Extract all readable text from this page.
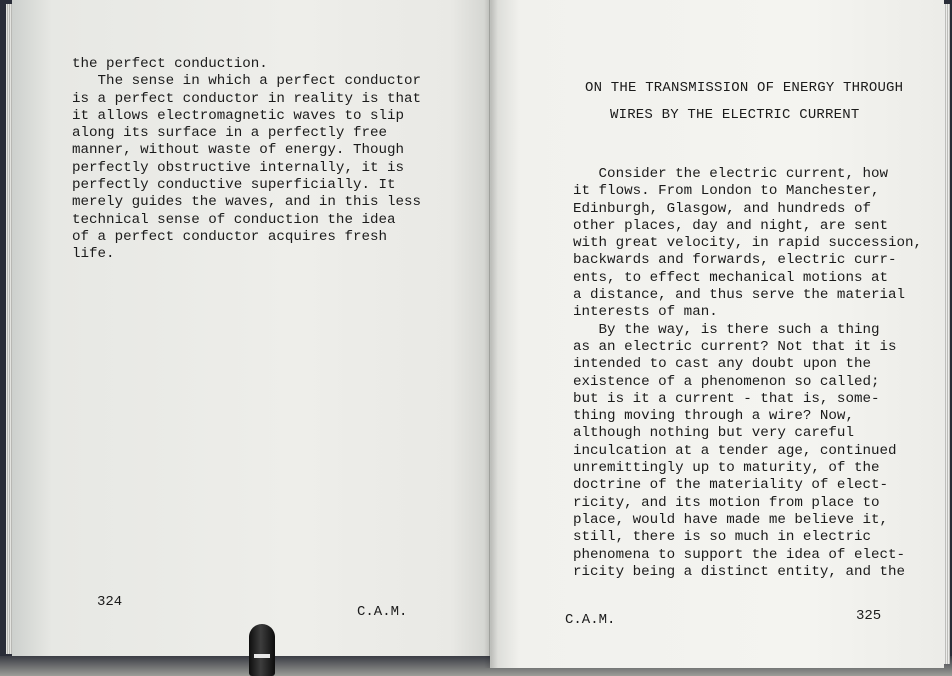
the perfect conduction.

The sense in which a perfect conductor

is a perfect conductor in reality is that

it allows electromagnetic waves to slip

along its surface in a perfectly free

manner, without waste of energy. Though

perfectly obstructive internally, it is

perfectly conductive superficially. It

merely guides the waves, and in this less

technical sense of conduction the idea

of a perfect conductor acquires fresh

life.

324
C.A.M.
ON THE TRANSMISSION OF ENERGY THROUGH
WIRES BY THE ELECTRIC CURRENT

Consider the electric current, how

it flows. From London to Manchester,

Edinburgh, Glasgow, and hundreds of

other places, day and night, are sent

with great velocity, in rapid succession,

backwards and forwards, electric curr-

ents, to effect mechanical motions at

a distance, and thus serve the material

interests of man.

By the way, is there such a thing

as an electric current? Not that it is

intended to cast any doubt upon the

existence of a phenomenon so called;

but is it a current - that is, some-

thing moving through a wire? Now,

although nothing but very careful

inculcation at a tender age, continued

unremittingly up to maturity, of the

doctrine of the materiality of elect-

ricity, and its motion from place to

place, would have made me believe it,

still, there is so much in electric

phenomena to support the idea of elect-

ricity being a distinct entity, and the

C.A.M.	325
